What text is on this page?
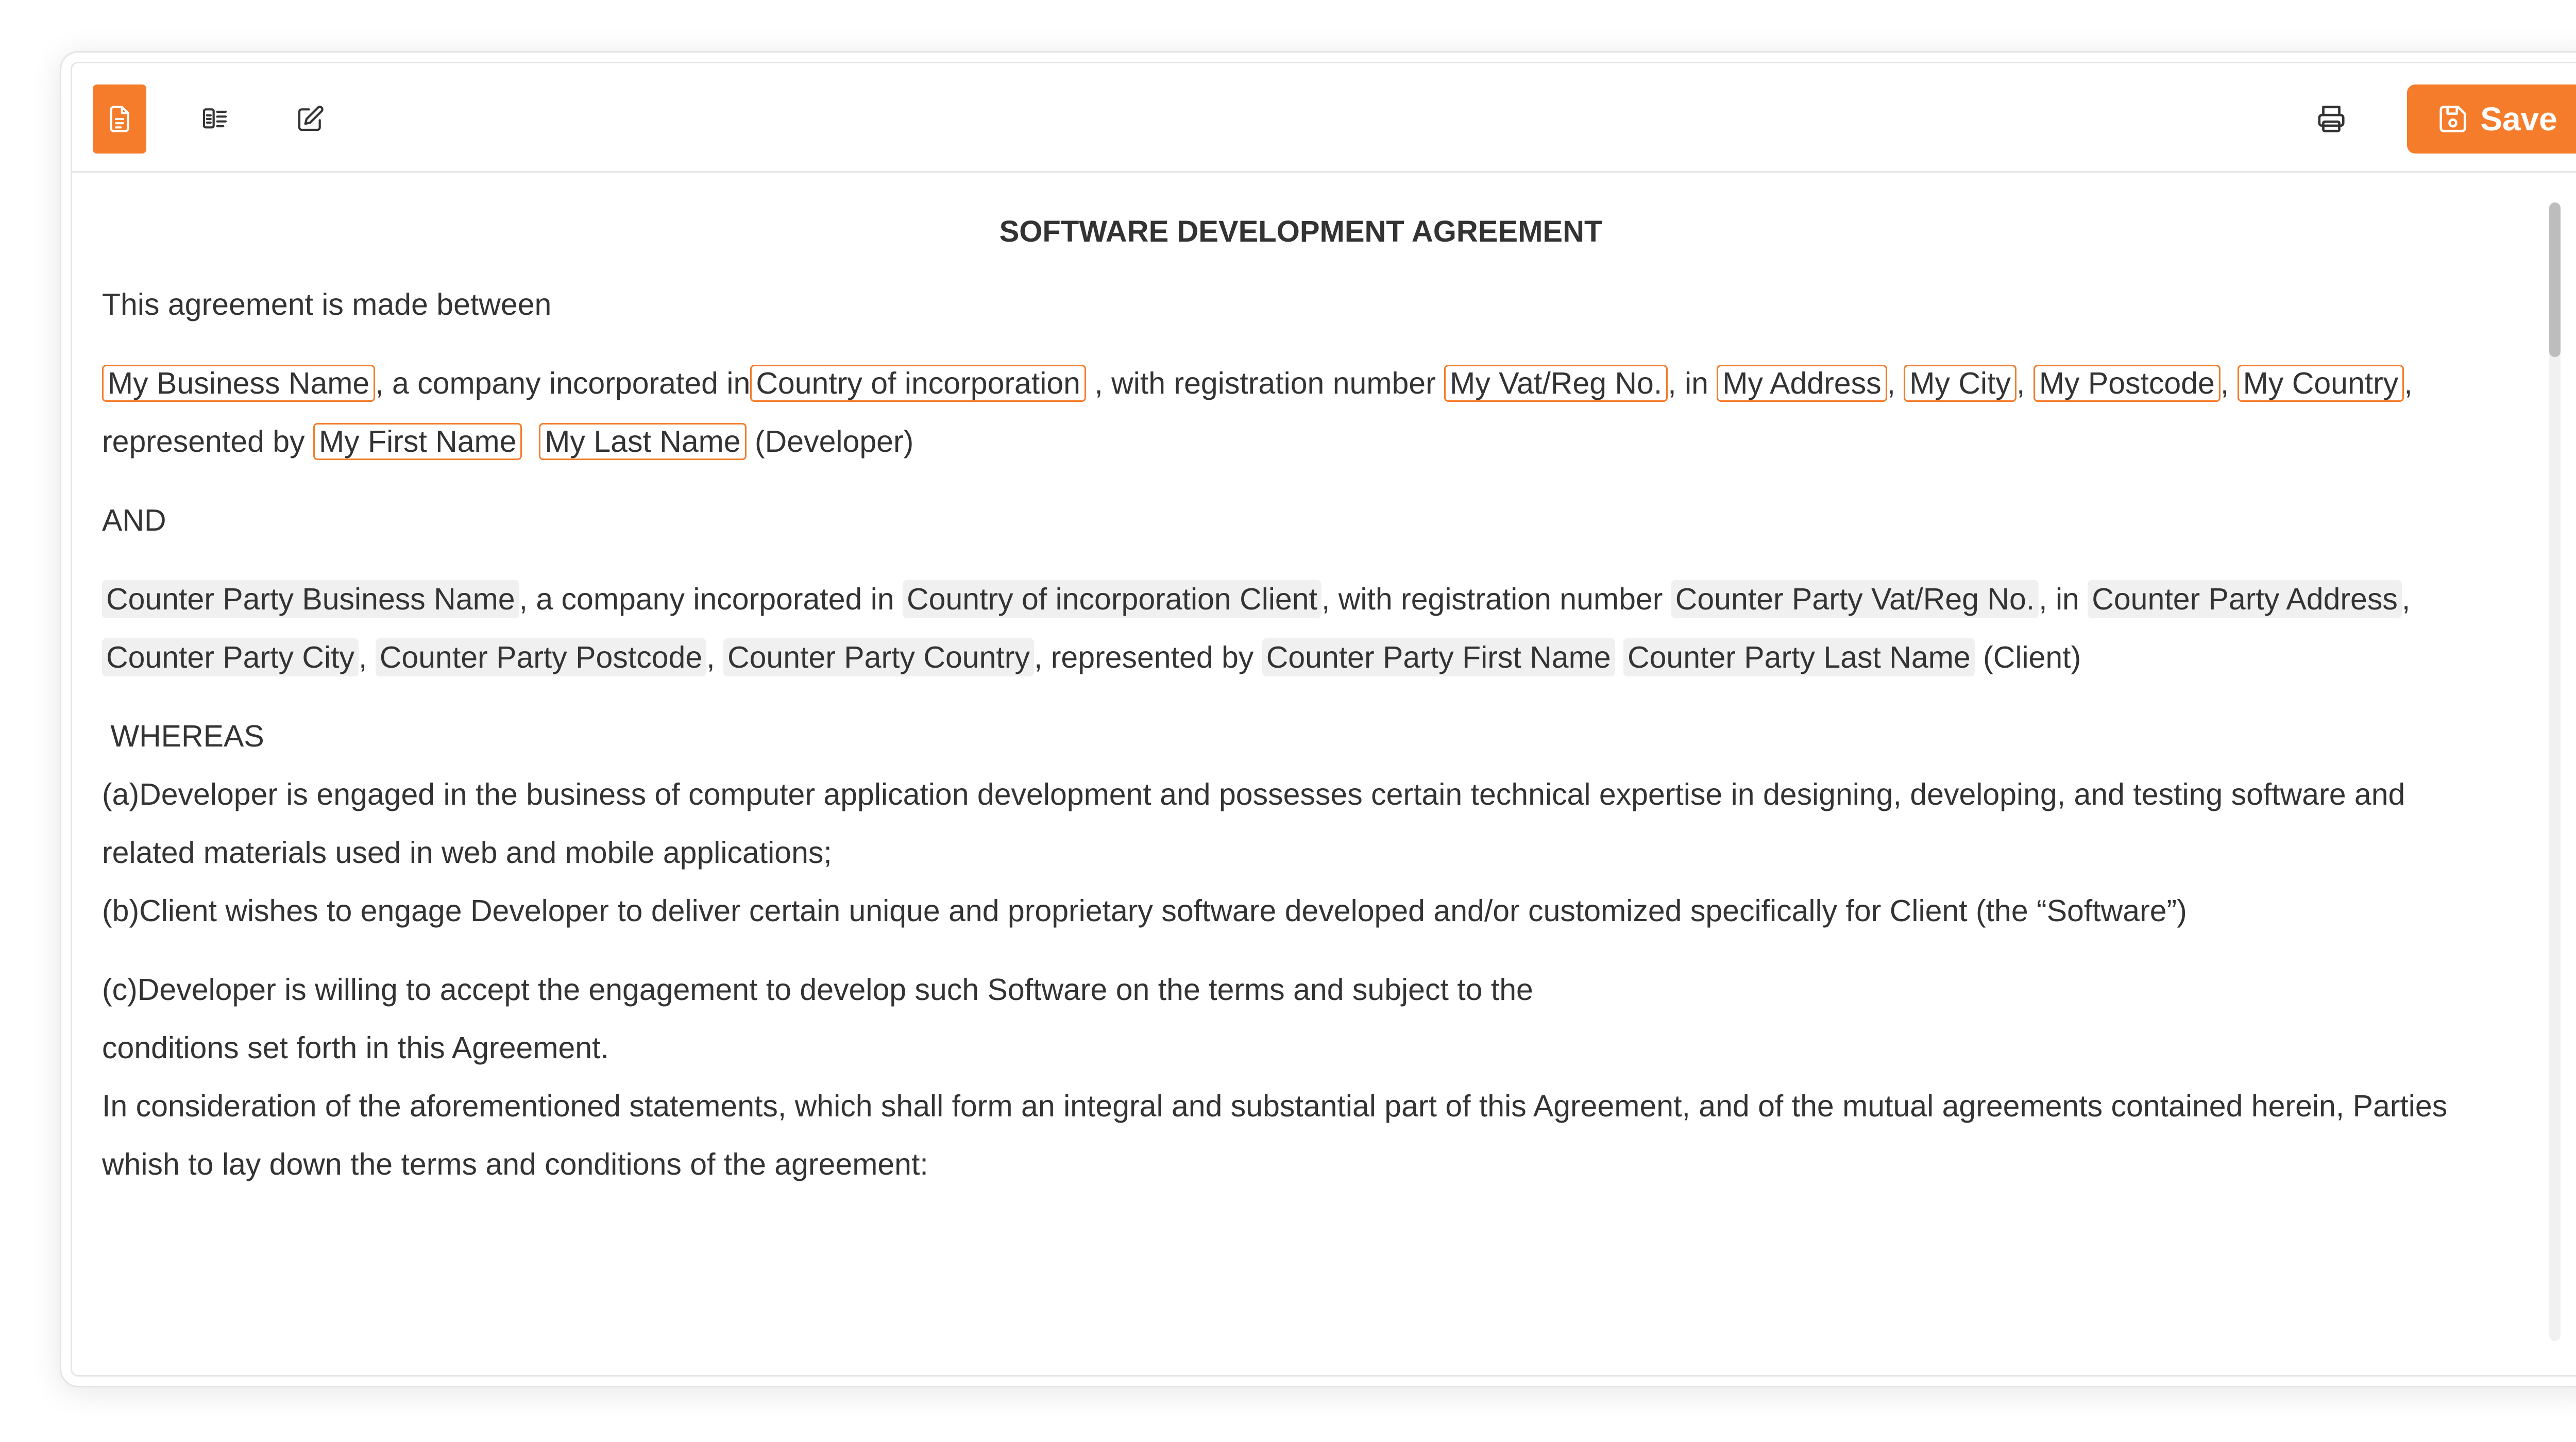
Save
SOFTWARE DEVELOPMENT AGREEMENT

This agreement is made between

My Business Name , a company incorporated in Country of incorporation , with registration number My Vat/Reg No. , in My Address , My City , My Postcode , My Country , represented by My First Name My Last Name (Developer)

AND

Counter Party Business Name , a company incorporated in Country of incorporation Client , with registration number Counter Party Vat/Reg No. , in Counter Party Address , Counter Party City , Counter Party Postcode , Counter Party Country , represented by Counter Party First Name Counter Party Last Name (Client)

WHEREAS

(a)Developer is engaged in the business of computer application development and possesses certain technical expertise in designing, developing, and testing software and related materials used in web and mobile applications;

(b)Client wishes to engage Developer to deliver certain unique and proprietary software developed and/or customized specifically for Client (the “Software”)

(c)Developer is willing to accept the engagement to develop such Software on the terms and subject to the

conditions set forth in this Agreement.

In consideration of the aforementioned statements, which shall form an integral and substantial part of this Agreement, and of the mutual agreements contained herein, Parties whish to lay down the terms and conditions of the agreement:
